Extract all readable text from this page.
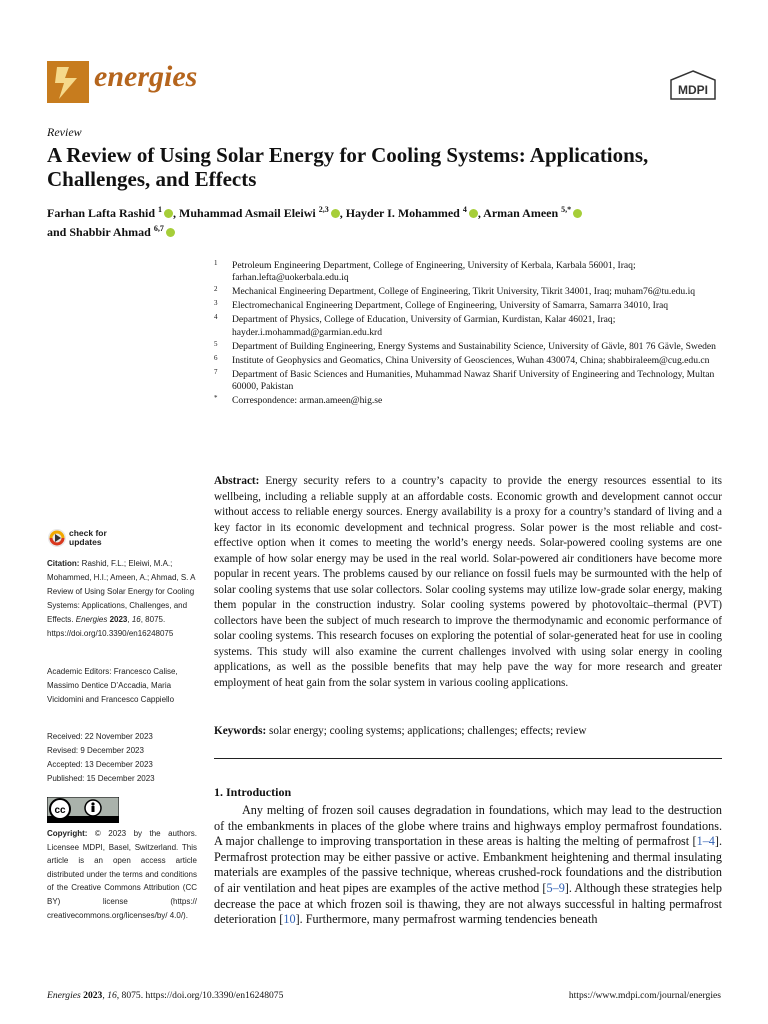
energies	MDPI
Review
A Review of Using Solar Energy for Cooling Systems: Applications, Challenges, and Effects
Farhan Lafta Rashid $^1$ , Muhammad Asmail Eleiwi $^{2,3}$ , Hayder I. Mohammed $^4$ , Arman Ameen $^{5,*}$
and Shabbir Ahmad $^{6,7}$
1 Petroleum Engineering Department, College of Engineering, University of Kerbala, Karbala 56001, Iraq; farhan.lefta@uokerbala.edu.iq
2 Mechanical Engineering Department, College of Engineering, Tikrit University, Tikrit 34001, Iraq; muham76@tu.edu.iq
3 Electromechanical Engineering Department, College of Engineering, University of Samarra, Samarra 34010, Iraq
4 Department of Physics, College of Education, University of Garmian, Kurdistan, Kalar 46021, Iraq; hayder.i.mohammad@garmian.edu.krd
5 Department of Building Engineering, Energy Systems and Sustainability Science, University of Gävle, 801 76 Gävle, Sweden
6 Institute of Geophysics and Geomatics, China University of Geosciences, Wuhan 430074, China; shabbiraleem@cug.edu.cn
7 Department of Basic Sciences and Humanities, Muhammad Nawaz Sharif University of Engineering and Technology, Multan 60000, Pakistan
* Correspondence: arman.ameen@hig.se
Abstract: Energy security refers to a country’s capacity to provide the energy resources essential to its wellbeing, including a reliable supply at an affordable costs. Economic growth and development cannot occur without access to reliable energy sources. Energy availability is a proxy for a country’s standard of living and a key factor in its economic development and technical progress. Solar power is the most reliable and cost-effective option when it comes to meeting the world’s energy needs. Solar-powered cooling systems are one example of how solar energy may be used in the real world. Solar-powered air conditioners have become more popular in recent years. The problems caused by our reliance on fossil fuels may be surmounted with the help of solar cooling systems that use solar collectors. Solar cooling systems may utilize low-grade solar energy, making them popular in the construction industry. Solar cooling systems powered by photovoltaic–thermal (PVT) collectors have been the subject of much research to improve the thermodynamic and economic performance of solar cooling systems. This research focuses on exploring the potential of solar-generated heat for use in cooling systems. This study will also examine the current challenges involved with using solar energy in cooling applications, as well as the possible benefits that may help pave the way for more research and greater employment of heat gain from the solar system in various cooling applications.
Keywords: solar energy; cooling systems; applications; challenges; effects; review
1. Introduction
Any melting of frozen soil causes degradation in foundations, which may lead to the destruction of the embankments in places of the globe where trains and highways employ permafrost foundations. A major challenge to improving transportation in these areas is halting the melting of permafrost [1–4]. Permafrost protection may be either passive or active. Embankment heightening and thermal insulating materials are examples of the passive technique, whereas crushed-rock foundations and the distribution of air ventilation and heat pipes are examples of the active method [5–9]. Although these strategies help decrease the pace at which frozen soil is thawing, they are not always successful in halting permafrost deterioration [10]. Furthermore, many permafrost warming tendencies beneath
check for
updates
Citation: Rashid, F.L.; Eleiwi, M.A.; Mohammed, H.I.; Ameen, A.; Ahmad, S. A Review of Using Solar Energy for Cooling Systems: Applications, Challenges, and Effects. Energies 2023, 16, 8075. https://doi.org/10.3390/en16248075
Academic Editors: Francesco Calise, Massimo Dentice D’Accadia, Maria Vicidomini and Francesco Cappiello
Received: 22 November 2023
Revised: 9 December 2023
Accepted: 13 December 2023
Published: 15 December 2023
cc
Copyright: © 2023 by the authors. Licensee MDPI, Basel, Switzerland. This article is an open access article distributed under the terms and conditions of the Creative Commons Attribution (CC BY) license (https:// creativecommons.org/licenses/by/ 4.0/).
Energies 2023, 16, 8075. https://doi.org/10.3390/en16248075	https://www.mdpi.com/journal/energies
